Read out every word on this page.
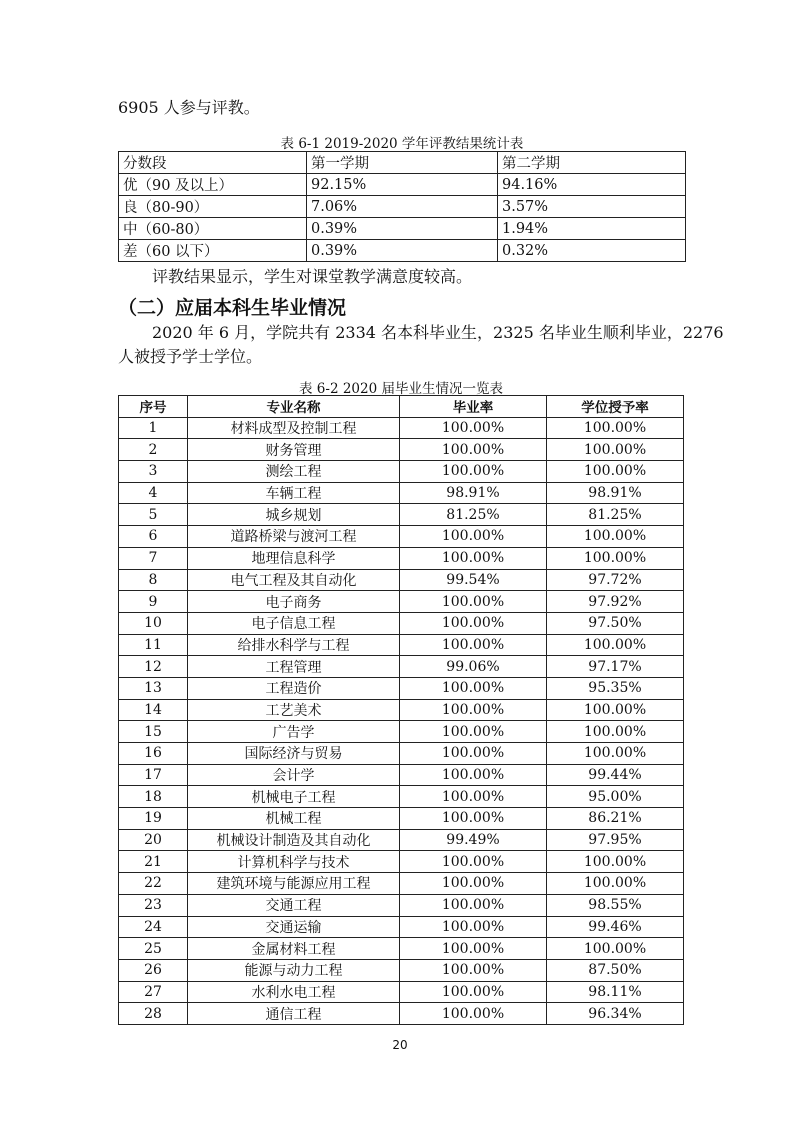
6905 人参与评教。
表 6-1 2019-2020 学年评教结果统计表
分数段	第一学期	第二学期
优（90 及以上）	92.15%	94.16%
良（80-90）	7.06%	3.57%
中（60-80）	0.39%	1.94%
差（60 以下）	0.39%	0.32%
评教结果显示，学生对课堂教学满意度较高。
（二）应届本科生毕业情况
2020 年 6 月，学院共有 2334 名本科毕业生，2325 名毕业生顺利毕业，2276
人被授予学士学位。
表 6-2 2020 届毕业生情况一览表
序号	专业名称	毕业率	学位授予率
1	材料成型及控制工程	100.00%	100.00%
2	财务管理	100.00%	100.00%
3	测绘工程	100.00%	100.00%
4	车辆工程	98.91%	98.91%
5	城乡规划	81.25%	81.25%
6	道路桥梁与渡河工程	100.00%	100.00%
7	地理信息科学	100.00%	100.00%
8	电气工程及其自动化	99.54%	97.72%
9	电子商务	100.00%	97.92%
10	电子信息工程	100.00%	97.50%
11	给排水科学与工程	100.00%	100.00%
12	工程管理	99.06%	97.17%
13	工程造价	100.00%	95.35%
14	工艺美术	100.00%	100.00%
15	广告学	100.00%	100.00%
16	国际经济与贸易	100.00%	100.00%
17	会计学	100.00%	99.44%
18	机械电子工程	100.00%	95.00%
19	机械工程	100.00%	86.21%
20	机械设计制造及其自动化	99.49%	97.95%
21	计算机科学与技术	100.00%	100.00%
22	建筑环境与能源应用工程	100.00%	100.00%
23	交通工程	100.00%	98.55%
24	交通运输	100.00%	99.46%
25	金属材料工程	100.00%	100.00%
26	能源与动力工程	100.00%	87.50%
27	水利水电工程	100.00%	98.11%
28	通信工程	100.00%	96.34%
20
